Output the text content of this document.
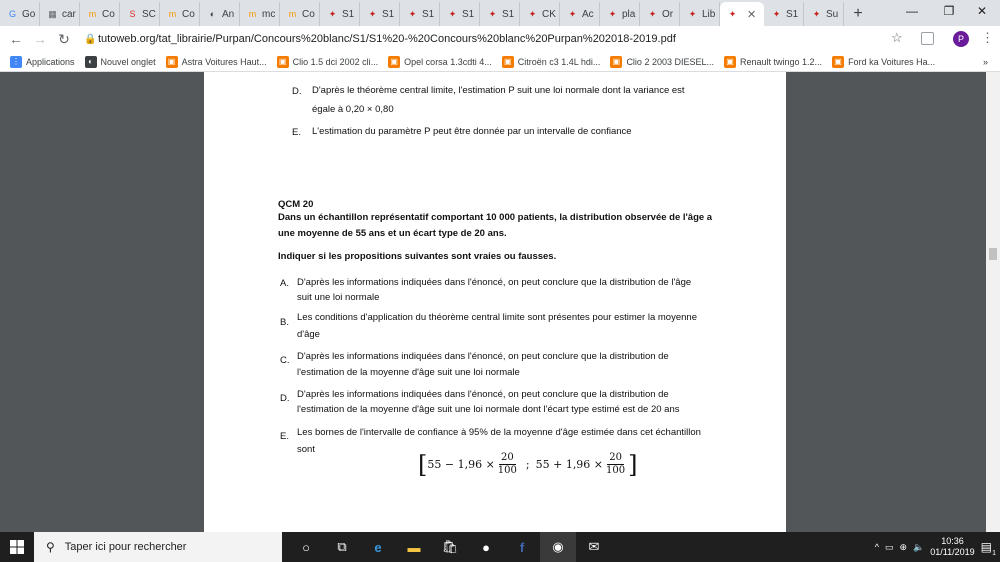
G Go ▦ car	m Co	S SC	m Co	◐ An	m mc	m Co	✦ S1	✦ S1	✦ S1	✦ S1	✦ S1	✦ CK	✦ Ac	✦ pla	✦ Or	✦ Lib	✦ ✕	✦ S1	✦ Su +	—	❐	✕
← → ↻ 🔒 tutoweb.org/tat_librairie/Purpan/Concours%20blanc/S1/S1%20-%20Concours%20blanc%20Purpan%202018-2019.pdf	☆	P	⋮
⋮ Applications	◐ Nouvel onglet ▣ Astra Voitures Haut... ▣ Clio 1.5 dci 2002 cli... ▣ Opel corsa 1.3cdti 4... ▣ Citroën c3 1.4L hdi... ▣ Clio 2 2003 DIESEL... ▣ Renault twingo 1.2... ▣ Ford ka Voitures Ha...	»
D. D'après le théorème central limite, l'estimation P suit une loi normale dont la variance est
égale à 0,20 × 0,80
E. L'estimation du paramètre P peut être donnée par un intervalle de confiance
QCM 20
Dans un échantillon représentatif comportant 10 000 patients, la distribution observée de l'âge a
une moyenne de 55 ans et un écart type de 20 ans.
Indiquer si les propositions suivantes sont vraies ou fausses.
A. D'après les informations indiquées dans l'énoncé, on peut conclure que la distribution de l'âge
suit une loi normale
B. Les conditions d'application du théorème central limite sont présentes pour estimer la moyenne
d'âge
C. D'après les informations indiquées dans l'énoncé, on peut conclure que la distribution de
l'estimation de la moyenne d'âge suit une loi normale
D. D'après les informations indiquées dans l'énoncé, on peut conclure que la distribution de
l'estimation de la moyenne d'âge suit une loi normale dont l'écart type estimé est de 20 ans
E. Les bornes de l'intervalle de confiance à 95% de la moyenne d'âge estimée dans cet échantillon
sont
[ $55 - 1,96 \times \frac{20}{100}$ ; $55 + 1,96 \times \frac{20}{100}$ ]
⚲ Taper ici pour rechercher	○	⧉	e	▬	🛍	●	f	◉	✉	^ ▭ ⊕ 🔈
10:36
01/11/2019 ▤ 1
